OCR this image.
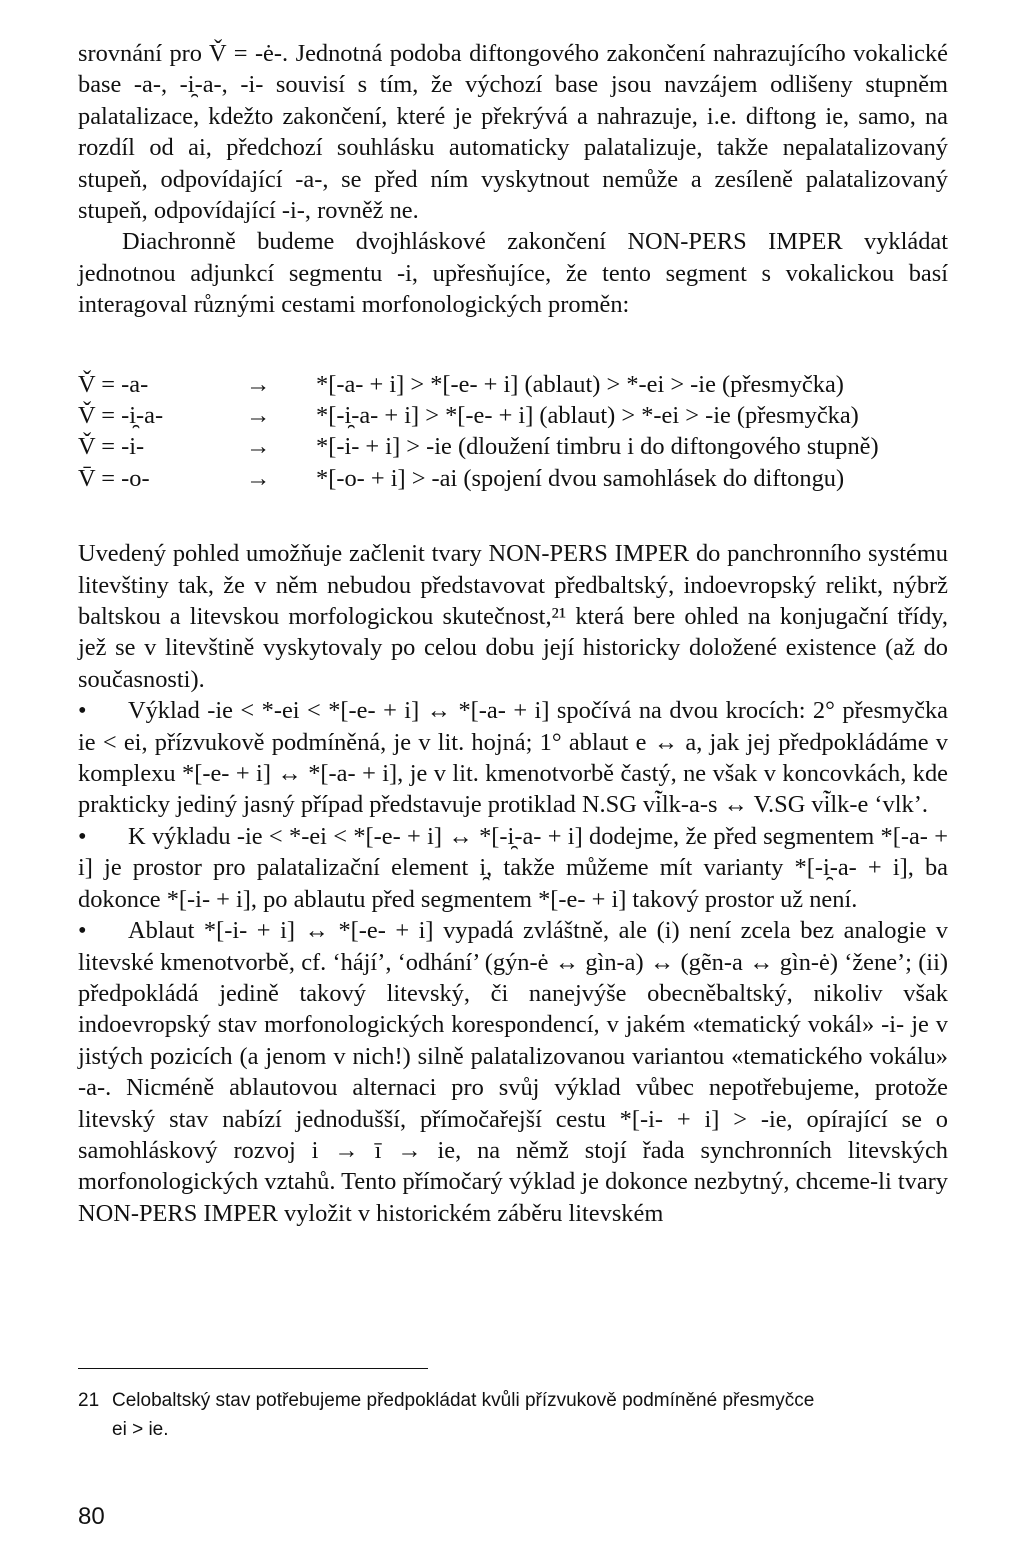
srovnání pro V̌ = -ė-. Jednotná podoba diftongového zakončení nahrazujícího vokalické base -a-, -i̯-a-, -i- souvisí s tím, že výchozí base jsou navzájem odlišeny stupněm palatalizace, kdežto zakončení, které je překrývá a nahrazuje, i.e. diftong ie, samo, na rozdíl od ai, předchozí souhlásku automaticky palatalizuje, takže nepalatalizovaný stupeň, odpovídající -a-, se před ním vyskytnout nemůže a zesíleně palatalizovaný stupeň, odpovídající -i-, rovněž ne.

Diachronně budeme dvojhláskové zakončení NON-PERS IMPER vykládat jednotnou adjunkcí segmentu -i, upřesňujíce, že tento segment s vokalickou basí interagoval různými cestami morfonologických proměn:

V̌ = -a-	→	*[-a- + i] > *[-e- + i] (ablaut) > *-ei > -ie (přesmyčka)
V̌ = -i̯-a-	→	*[-i̯-a- + i] > *[-e- + i] (ablaut) > *-ei > -ie (přesmyčka)
V̌ = -i-	→	*[-i- + i] > -ie (dloužení timbru i do diftongového stupně)
V̄ = -o-	→	*[-o- + i] > -ai (spojení dvou samohlásek do diftongu)

Uvedený pohled umožňuje začlenit tvary NON-PERS IMPER do panchronního systému litevštiny tak, že v něm nebudou představovat předbaltský, indoevropský relikt, nýbrž baltskou a litevskou morfologickou skutečnost,²¹ která bere ohled na konjugační třídy, jež se v litevštině vyskytovaly po celou dobu její historicky doložené existence (až do současnosti).

• Výklad -ie < *-ei < *[-e- + i] ↔ *[-a- + i] spočívá na dvou krocích: 2° přesmyčka ie < ei, přízvukově podmíněná, je v lit. hojná; 1° ablaut e ↔ a, jak jej předpokládáme v komplexu *[-e- + i] ↔ *[-a- + i], je v lit. kmenotvorbě častý, ne však v koncovkách, kde prakticky jediný jasný případ představuje protiklad N.SG vi̇̃lk-a-s ↔ V.SG vi̇̃lk-e ‘vlk’.

• K výkladu -ie < *-ei < *[-e- + i] ↔ *[-i̯-a- + i] dodejme, že před segmentem *[-a- + i] je prostor pro palatalizační element i̯, takže můžeme mít varianty *[-i̯-a- + i], ba dokonce *[-i- + i], po ablautu před segmentem *[-e- + i] takový prostor už není.

• Ablaut *[-i- + i] ↔ *[-e- + i] vypadá zvláštně, ale (i) není zcela bez analogie v litevské kmenotvorbě, cf. ‘hájí’, ‘odhání’ (gýn-ė ↔ gìn-a) ↔ (gẽn-a ↔ gìn-ė) ‘žene’; (ii) předpokládá jedině takový litevský, či nanejvýše obecněbaltský, nikoliv však indoevropský stav morfonologických korespondencí, v jakém «tematický vokál» -i- je v jistých pozicích (a jenom v nich!) silně palatalizovanou variantou «tematického vokálu» -a-. Nicméně ablautovou alternaci pro svůj výklad vůbec nepotřebujeme, protože litevský stav nabízí jednodušší, přímočařejší cestu *[-i- + i] > -ie, opírající se o samohláskový rozvoj i → ī → ie, na němž stojí řada synchronních litevských morfonologických vztahů. Tento přímočarý výklad je dokonce nezbytný, chceme-li tvary NON-PERS IMPER vyložit v historickém záběru litevském

21 Celobaltský stav potřebujeme předpokládat kvůli přízvukově podmíněné přesmyčce
ei > ie.
80
